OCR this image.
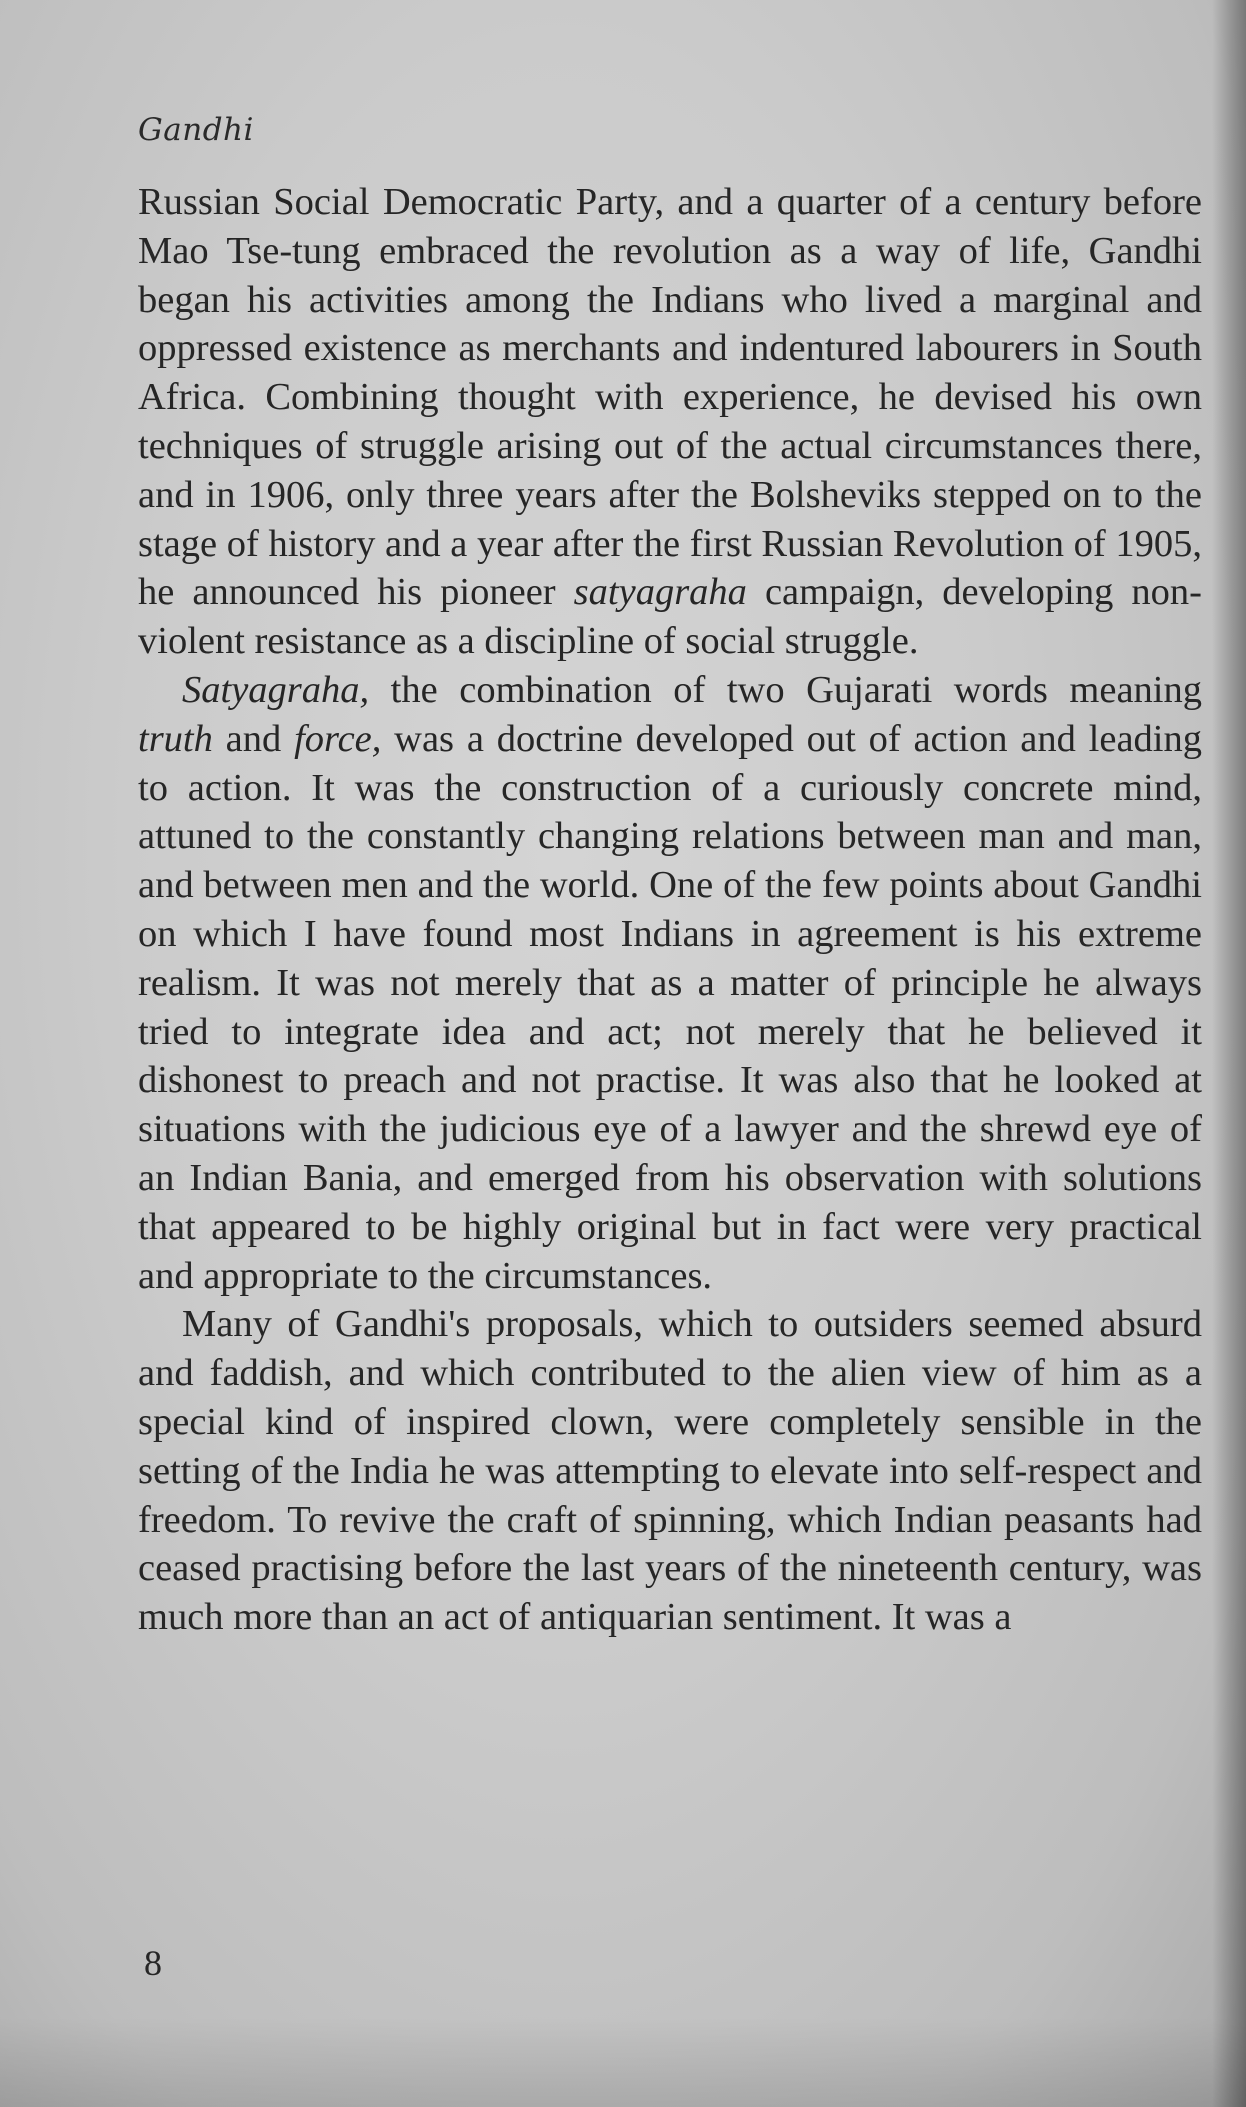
Gandhi

Russian Social Democratic Party, and a quarter of a century before Mao Tse-tung embraced the revolution as a way of life, Gandhi began his activities among the Indians who lived a marginal and oppressed existence as merchants and indentured labourers in South Africa. Combining thought with experience, he devised his own techniques of struggle arising out of the actual circumstances there, and in 1906, only three years after the Bolsheviks stepped on to the stage of history and a year after the first Russian Revolution of 1905, he announced his pioneer satyagraha campaign, developing non-violent resistance as a discipline of social struggle.

Satyagraha, the combination of two Gujarati words meaning truth and force, was a doctrine developed out of action and leading to action. It was the construction of a curiously concrete mind, attuned to the constantly changing relations between man and man, and between men and the world. One of the few points about Gandhi on which I have found most Indians in agreement is his extreme realism. It was not merely that as a matter of principle he always tried to integrate idea and act; not merely that he believed it dishonest to preach and not practise. It was also that he looked at situations with the judicious eye of a lawyer and the shrewd eye of an Indian Bania, and emerged from his observation with solutions that appeared to be highly original but in fact were very practical and appropriate to the circumstances.

Many of Gandhi's proposals, which to outsiders seemed absurd and faddish, and which contributed to the alien view of him as a special kind of inspired clown, were completely sensible in the setting of the India he was attempting to elevate into self-respect and freedom. To revive the craft of spinning, which Indian peasants had ceased practising before the last years of the nineteenth century, was much more than an act of antiquarian sentiment. It was a

8
